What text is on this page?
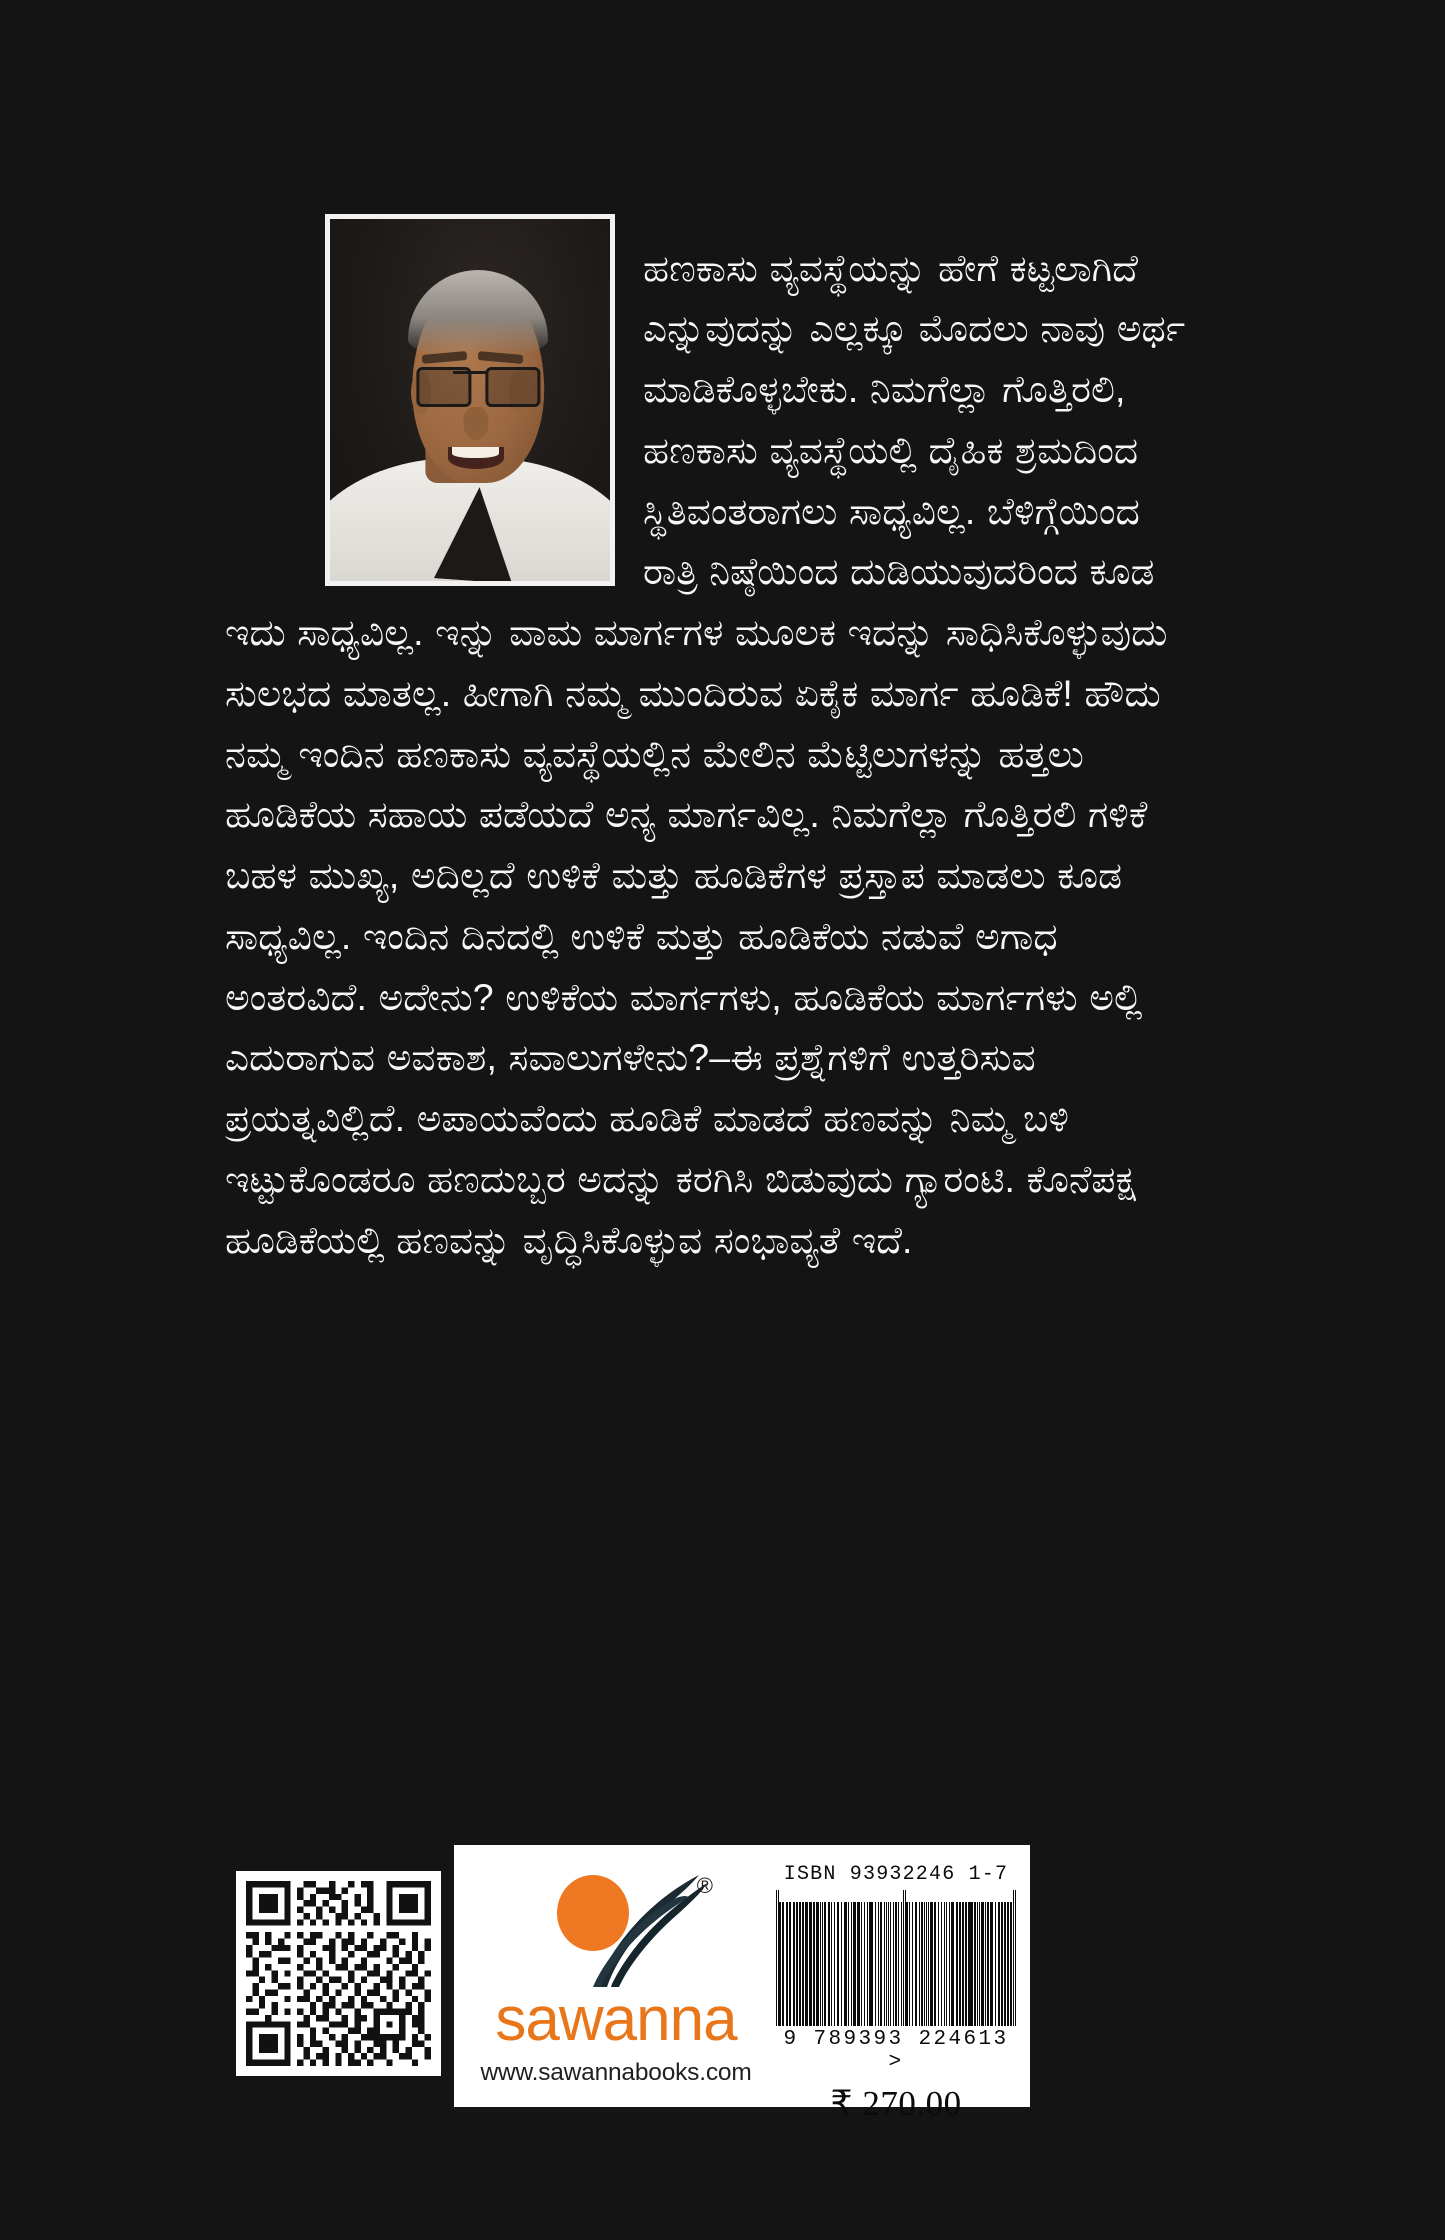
ಹಣಕಾಸು ವ್ಯವಸ್ಥೆಯನ್ನು ಹೇಗೆ ಕಟ್ಟಲಾಗಿದೆ ಎನ್ನುವುದನ್ನು ಎಲ್ಲಕ್ಕೂ ಮೊದಲು ನಾವು ಅರ್ಥ ಮಾಡಿಕೊಳ್ಳಬೇಕು. ನಿಮಗೆಲ್ಲಾ ಗೊತ್ತಿರಲಿ, ಹಣಕಾಸು ವ್ಯವಸ್ಥೆಯಲ್ಲಿ ದೈಹಿಕ ಶ್ರಮದಿಂದ ಸ್ಥಿತಿವಂತರಾಗಲು ಸಾಧ್ಯವಿಲ್ಲ. ಬೆಳಿಗ್ಗೆಯಿಂದ ರಾತ್ರಿ ನಿಷ್ಠೆಯಿಂದ ದುಡಿಯುವುದರಿಂದ ಕೂಡ ಇದು ಸಾಧ್ಯವಿಲ್ಲ. ಇನ್ನು ವಾಮ ಮಾರ್ಗಗಳ ಮೂಲಕ ಇದನ್ನು ಸಾಧಿಸಿಕೊಳ್ಳುವುದು ಸುಲಭದ ಮಾತಲ್ಲ. ಹೀಗಾಗಿ ನಮ್ಮ ಮುಂದಿರುವ ಏಕೈಕ ಮಾರ್ಗ ಹೂಡಿಕೆ! ಹೌದು ನಮ್ಮ ಇಂದಿನ ಹಣಕಾಸು ವ್ಯವಸ್ಥೆಯಲ್ಲಿನ ಮೇಲಿನ ಮೆಟ್ಟಿಲುಗಳನ್ನು ಹತ್ತಲು ಹೂಡಿಕೆಯ ಸಹಾಯ ಪಡೆಯದೆ ಅನ್ಯ ಮಾರ್ಗವಿಲ್ಲ. ನಿಮಗೆಲ್ಲಾ ಗೊತ್ತಿರಲಿ ಗಳಿಕೆ ಬಹಳ ಮುಖ್ಯ, ಅದಿಲ್ಲದೆ ಉಳಿಕೆ ಮತ್ತು ಹೂಡಿಕೆಗಳ ಪ್ರಸ್ತಾಪ ಮಾಡಲು ಕೂಡ ಸಾಧ್ಯವಿಲ್ಲ. ಇಂದಿನ ದಿನದಲ್ಲಿ ಉಳಿಕೆ ಮತ್ತು ಹೂಡಿಕೆಯ ನಡುವೆ ಅಗಾಧ ಅಂತರವಿದೆ. ಅದೇನು? ಉಳಿಕೆಯ ಮಾರ್ಗಗಳು, ಹೂಡಿಕೆಯ ಮಾರ್ಗಗಳು ಅಲ್ಲಿ ಎದುರಾಗುವ ಅವಕಾಶ, ಸವಾಲುಗಳೇನು?–ಈ ಪ್ರಶ್ನೆಗಳಿಗೆ ಉತ್ತರಿಸುವ ಪ್ರಯತ್ನವಿಲ್ಲಿದೆ. ಅಪಾಯವೆಂದು ಹೂಡಿಕೆ ಮಾಡದೆ ಹಣವನ್ನು ನಿಮ್ಮ ಬಳಿ ಇಟ್ಟುಕೊಂಡರೂ ಹಣದುಬ್ಬರ ಅದನ್ನು ಕರಗಿಸಿ ಬಿಡುವುದು ಗ್ಯಾರಂಟಿ. ಕೊನೆಪಕ್ಷ ಹೂಡಿಕೆಯಲ್ಲಿ ಹಣವನ್ನು ವೃದ್ಧಿಸಿಕೊಳ್ಳುವ ಸಂಭಾವ್ಯತೆ ಇದೆ.

®
sawanna
www.sawannabooks.com
ISBN 93932246 1-7
9 789393 224613 >
₹ 270.00
